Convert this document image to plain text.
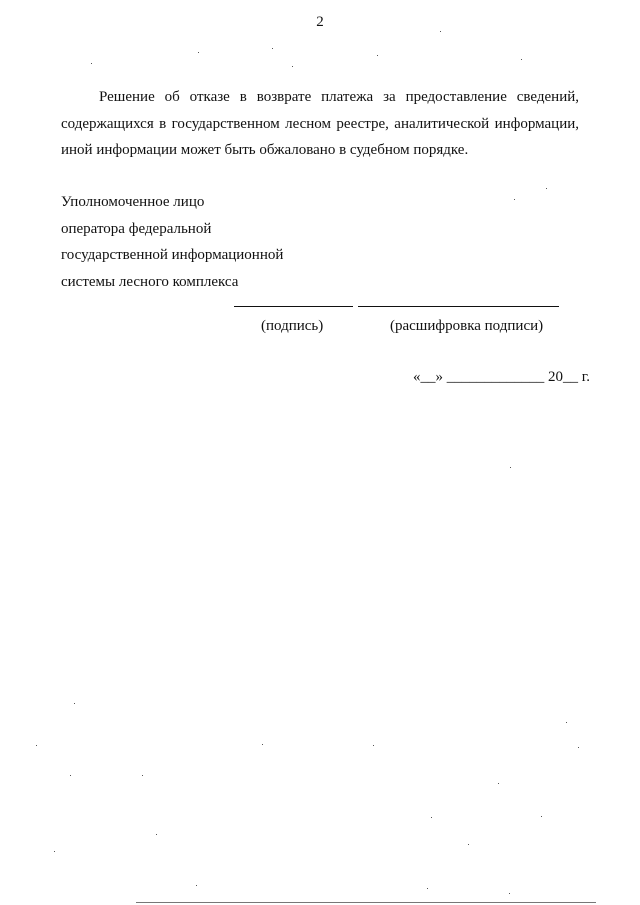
2

Решение об отказе в возврате платежа за предоставление сведений, содержащихся в государственном лесном реестре, аналитической информации, иной информации может быть обжаловано в судебном порядке.

Уполномоченное лицо
оператора федеральной
государственной информационной
системы лесного комплекса
(подпись)	(расшифровка подписи)
«__» _____________ 20__ г.
